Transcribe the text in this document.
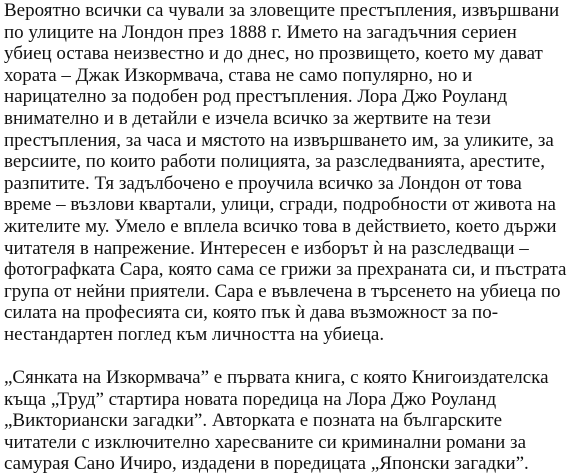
Вероятно всички са чували за зловещите престъпления, извършвани
по улиците на Лондон през 1888 г. Името на загадъчния сериен
убиец остава неизвестно и до днес, но прозвището, което му дават
хората – Джак Изкормвача, става не само популярно, но и
нарицателно за подобен род престъпления. Лора Джо Роуланд
внимателно и в детайли е изчела всичко за жертвите на тези
престъпления, за часа и мястото на извършването им, за уликите, за
версиите, по които работи полицията, за разследванията, арестите,
разпитите. Тя задълбочено е проучила всичко за Лондон от това
време – възлови квартали, улици, сгради, подробности от живота на
жителите му. Умело е вплела всичко това в действието, което държи
читателя в напрежение. Интересен е изборът ѝ на разследващи –
фотографката Сара, която сама се грижи за прехраната си, и пъстрата
група от нейни приятели. Сара е въвлечена в търсенето на убиеца по
силата на професията си, която пък ѝ дава възможност за по-
нестандартен поглед към личността на убиеца.
„Сянката на Изкормвача” е първата книга, с която Книгоиздателска
къща „Труд” стартира новата поредица на Лора Джо Роуланд
„Викториански загадки”. Авторката е позната на българските
читатели с изключително харесваните си криминални романи за
самурая Сано Ичиро, издадени в поредицата „Японски загадки”.
